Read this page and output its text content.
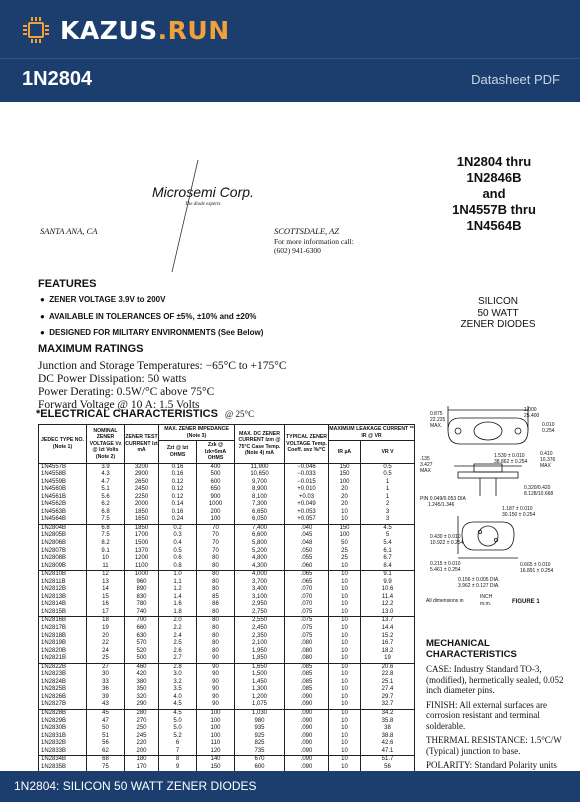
KAZUS.RUN
1N2804	Datasheet PDF
1N2804 thru
1N2846B
and
1N4557B thru
1N4564B
Microsemi Corp.
The diode experts
SANTA ANA, CA	SCOTTSDALE, AZ
For more information call:
(602) 941-6300
FEATURES
●  ZENER VOLTAGE 3.9V to 200V
●  AVAILABLE IN TOLERANCES OF ±5%, ±10% and ±20%
●  DESIGNED FOR MILITARY ENVIRONMENTS (See Below)
MAXIMUM RATINGS
Junction and Storage Temperatures: −65°C to +175°C
DC Power Dissipation: 50 watts
Power Derating: 0.5W/°C above 75°C
Forward Voltage @ 10 A: 1.5 Volts
*ELECTRICAL CHARACTERISTICS @ 25°C
JEDEC TYPE NO. (Note 1)	NOMINAL ZENER VOLTAGE Vz @ Izt Volts (Note 2)	ZENER TEST CURRENT Izt mA	MAX. ZENER IMPEDANCE (Note 3)		MAX. DC ZENER CURRENT Izm @ 75°C Case Temp. (Note 4) mA	TYPICAL ZENER VOLTAGE Temp. Coeff. αvz %/°C	MAXIMUM LEAKAGE CURRENT ** IR @ VR	
			Zzt @ Izt OHMS	Zzk @ Izk=5mA OHMS			IR µA	VR V
1N4557B	3.9	3200	0.16	400	11,900	−0.046	150	0.5
1N4558B	4.3	2900	0.16	500	10,650	−0.033	150	0.5
1N4559B	4.7	2650	0.12	600	9,700	−0.015	100	1
1N4560B	5.1	2450	0.12	650	8,900	+0.010	20	1
1N4561B	5.6	2250	0.12	900	8,100	+0.03	20	1
1N4562B	6.2	2000	0.14	1000	7,300	+0.049	20	2
1N4563B	6.8	1850	0.16	200	6,650	+0.053	10	3
1N4564B	7.5	1650	0.24	100	6,050	+0.057	10	3
1N2804B	6.8	1850	0.2	70	7,400	.040	150	4.5
1N2805B	7.5	1700	0.3	70	6,600	.045	100	5
1N2806B	8.2	1500	0.4	70	5,800	.048	50	5.4
1N2807B	9.1	1370	0.5	70	5,200	.050	25	6.1
1N2808B	10	1200	0.6	80	4,800	.055	25	6.7
1N2809B	11	1100	0.8	80	4,300	.060	10	8.4
1N2810B	12	1000	1.0	80	4,000	.065	10	9.1
1N2811B	13	960	1.1	80	3,700	.065	10	9.9
1N2812B	14	890	1.2	80	3,400	.070	10	10.6
1N2813B	15	830	1.4	85	3,100	.070	10	11.4
1N2814B	16	780	1.6	86	2,950	.070	10	12.2
1N2815B	17	740	1.8	80	2,750	.075	10	13.0
1N2816B	18	700	2.0	80	2,550	.075	10	13.7
1N2817B	19	660	2.2	80	2,450	.075	10	14.4
1N2818B	20	630	2.4	80	2,350	.075	10	15.2
1N2819B	22	570	2.5	80	2,100	.080	10	16.7
1N2820B	24	520	2.6	80	1,950	.080	10	18.2
1N2821B	25	500	2.7	90	1,850	.080	10	19
1N2822B	27	460	2.8	90	1,650	.085	10	20.6
1N2823B	30	420	3.0	90	1,500	.085	10	22.8
1N2824B	33	380	3.2	90	1,450	.085	10	25.1
1N2825B	36	350	3.5	90	1,300	.085	10	27.4
1N2826B	39	320	4.0	90	1,200	.090	10	29.7
1N2827B	43	290	4.5	90	1,075	.090	10	32.7
1N2828B	45	280	4.5	100	1,030	.090	10	34.2
1N2829B	47	270	5.0	100	980	.090	10	35.8
1N2830B	50	250	5.0	100	935	.090	10	38
1N2831B	51	245	5.2	100	925	.090	10	38.8
1N2832B	56	220	6	110	825	.090	10	42.6
1N2833B	62	200	7	120	735	.090	10	47.1
1N2834B	68	180	8	140	670	.090	10	51.7
1N2835B	75	170	9	150	600	.090	10	56
SILICON
50 WATT
ZENER DIODES
1.000
25.400
0.875
22.225
MAX.	0.010
0.254
1.530 ± 0.010
38.862 ± 0.254
0.410
10.376
MAX
.135
3.427
MAX
0.320/0.420
8.128/10.668
PIN 0.049/0.053 DIA
1.245/1.346
1.187 ± 0.010
30.150 ± 0.254
0.430 ± 0.010
10.922 ± 0.254
0.215 ± 0.010
5.461 ± 0.254
0.665 ± 0.010
16.891 ± 0.254
0.156 ± 0.005 DIA.
3.962 ± 0.127 DIA.
All dimensions in
INCH
m.m.	FIGURE 1
MECHANICAL
CHARACTERISTICS
CASE: Industry Standard TO-3, (modified), hermetically sealed, 0.052 inch diameter pins.
FINISH: All external surfaces are corrosion resistant and terminal solderable.
THERMAL RESISTANCE: 1.5°C/W (Typical) junction to base.
POLARITY: Standard Polarity units
1N2804: SILICON 50 WATT ZENER DIODES
